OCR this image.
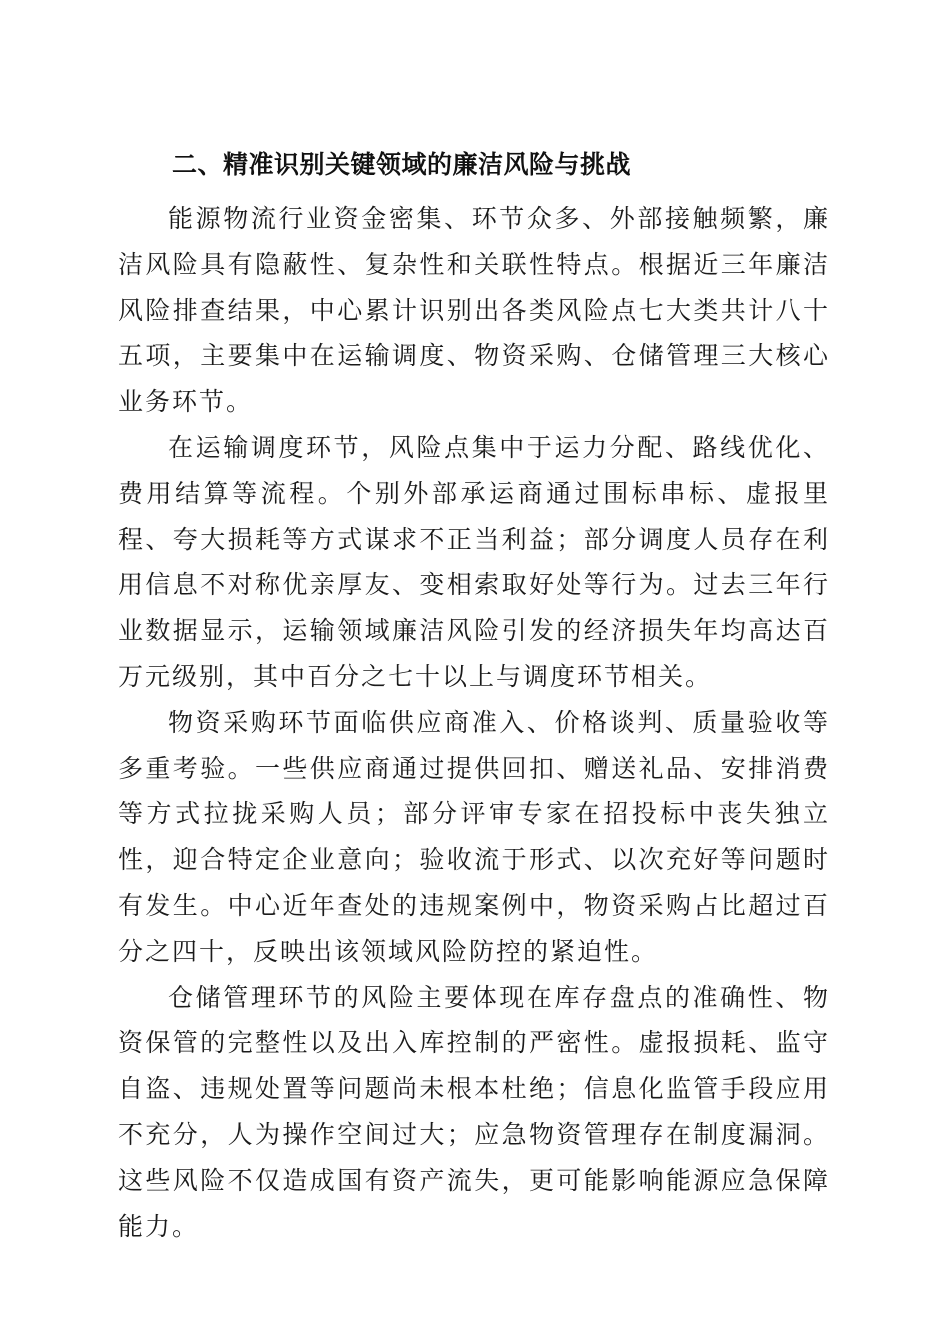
二、精准识别关键领域的廉洁风险与挑战

能源物流行业资金密集、环节众多、外部接触频繁，廉洁风险具有隐蔽性、复杂性和关联性特点。根据近三年廉洁风险排查结果，中心累计识别出各类风险点七大类共计八十五项，主要集中在运输调度、物资采购、仓储管理三大核心业务环节。

在运输调度环节，风险点集中于运力分配、路线优化、费用结算等流程。个别外部承运商通过围标串标、虚报里程、夸大损耗等方式谋求不正当利益；部分调度人员存在利用信息不对称优亲厚友、变相索取好处等行为。过去三年行业数据显示，运输领域廉洁风险引发的经济损失年均高达百万元级别，其中百分之七十以上与调度环节相关。

物资采购环节面临供应商准入、价格谈判、质量验收等多重考验。一些供应商通过提供回扣、赠送礼品、安排消费等方式拉拢采购人员；部分评审专家在招投标中丧失独立性，迎合特定企业意向；验收流于形式、以次充好等问题时有发生。中心近年查处的违规案例中，物资采购占比超过百分之四十，反映出该领域风险防控的紧迫性。

仓储管理环节的风险主要体现在库存盘点的准确性、物资保管的完整性以及出入库控制的严密性。虚报损耗、监守自盗、违规处置等问题尚未根本杜绝；信息化监管手段应用不充分，人为操作空间过大；应急物资管理存在制度漏洞。这些风险不仅造成国有资产流失，更可能影响能源应急保障能力。
